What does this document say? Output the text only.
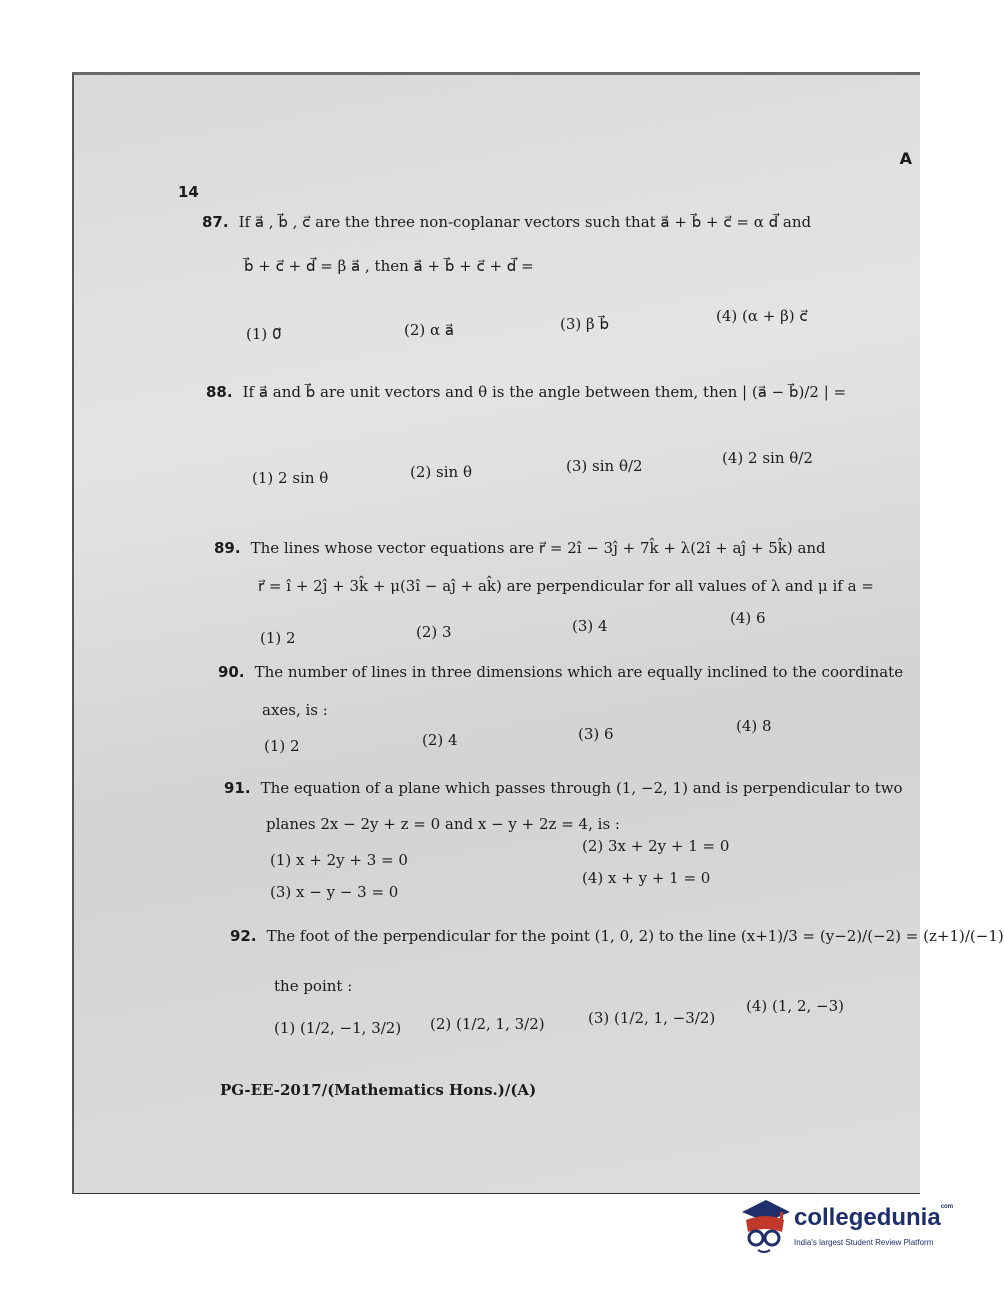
14
A
87. If a⃗ , b⃗ , c⃗ are the three non-coplanar vectors such that a⃗ + b⃗ + c⃗ = α d⃗ and
b⃗ + c⃗ + d⃗ = β a⃗ , then a⃗ + b⃗ + c⃗ + d⃗ =
(1) 0⃗	(2) α a⃗	(3) β b⃗	(4) (α + β) c⃗
88. If a⃗ and b⃗ are unit vectors and θ is the angle between them, then | (a⃗ − b⃗)/2 | =
(1) 2 sin θ	(2) sin θ	(3) sin θ/2	(4) 2 sin θ/2
89. The lines whose vector equations are r⃗ = 2î − 3ĵ + 7k̂ + λ(2î + aĵ + 5k̂) and
r⃗ = î + 2ĵ + 3k̂ + μ(3î − aĵ + ak̂) are perpendicular for all values of λ and μ if a =
(1) 2	(2) 3	(3) 4	(4) 6
90. The number of lines in three dimensions which are equally inclined to the coordinate
axes, is :
(1) 2	(2) 4	(3) 6	(4) 8
91. The equation of a plane which passes through (1, −2, 1) and is perpendicular to two
planes 2x − 2y + z = 0 and x − y + 2z = 4, is :
(1) x + 2y + 3 = 0
(2) 3x + 2y + 1 = 0
(3) x − y − 3 = 0
(4) x + y + 1 = 0
92. The foot of the perpendicular for the point (1, 0, 2) to the line (x+1)/3 = (y−2)/(−2) = (z+1)/(−1)
the point :
(1) (1/2, −1, 3/2) (2) (1/2, 1, 3/2)	(3) (1/2, 1, −3/2)
(4) (1, 2, −3)
PG-EE-2017/(Mathematics Hons.)/(A)
collegedunia$^{com}$
India's largest Student Review Platform
